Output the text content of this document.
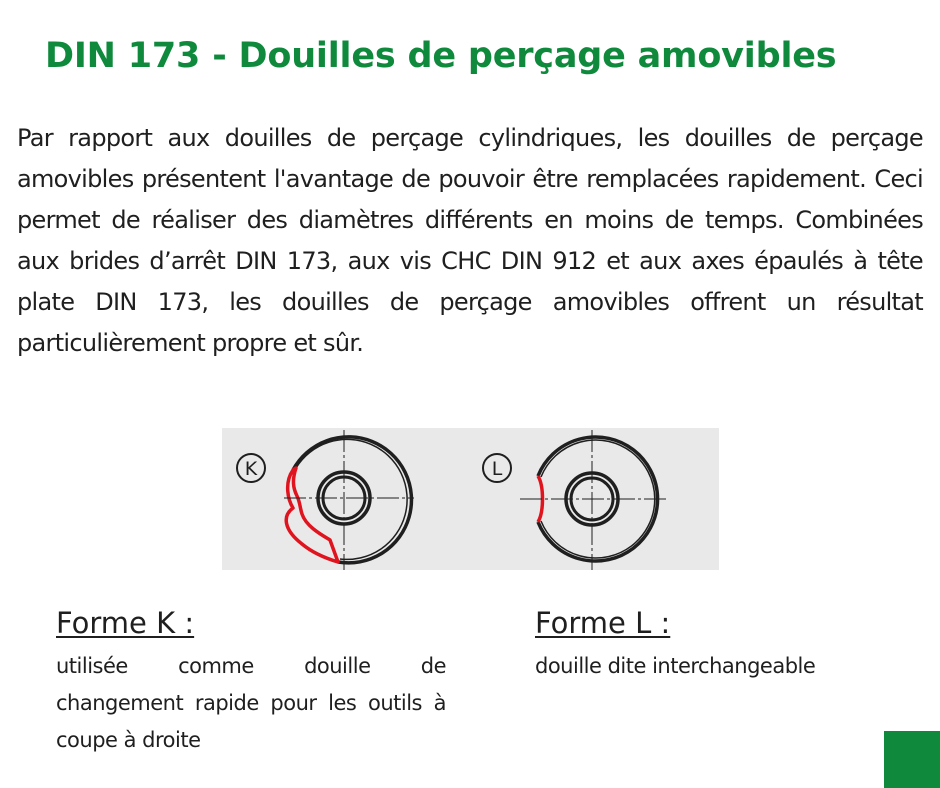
DIN 173 - Douilles de perçage amovibles
Par rapport aux douilles de perçage cylindriques, les douilles de perçage amovibles présentent l'avantage de pouvoir être remplacées rapidement. Ceci permet de réaliser des diamètres différents en moins de temps. Combinées aux brides d’arrêt DIN 173, aux vis CHC DIN 912 et aux axes épaulés à tête plate DIN 173, les douilles de perçage amovibles offrent un résultat particulièrement propre et sûr.
K	L
Forme K :
utilisée comme douille de changement rapide pour les outils à coupe à droite
Forme L :
douille dite interchangeable
